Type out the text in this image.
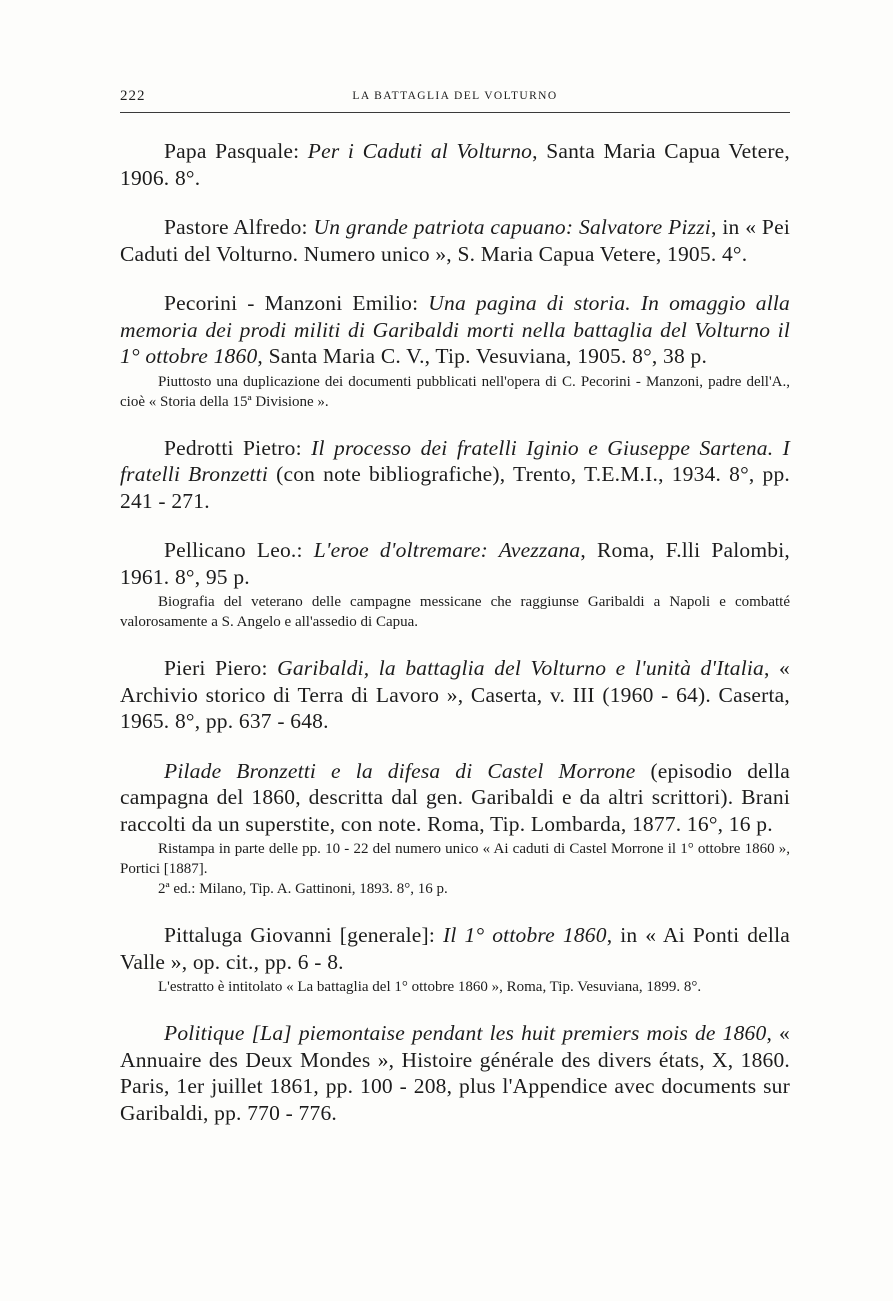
222	LA BATTAGLIA DEL VOLTURNO

Papa Pasquale: Per i Caduti al Volturno, Santa Maria Capua Vetere, 1906. 8°.

Pastore Alfredo: Un grande patriota capuano: Salvatore Pizzi, in « Pei Caduti del Volturno. Numero unico », S. Maria Capua Vetere, 1905. 4°.

Pecorini - Manzoni Emilio: Una pagina di storia. In omaggio alla memoria dei prodi militi di Garibaldi morti nella battaglia del Volturno il 1° ottobre 1860, Santa Maria C. V., Tip. Vesuviana, 1905. 8°, 38 p.

Piuttosto una duplicazione dei documenti pubblicati nell'opera di C. Pecorini - Manzoni, padre dell'A., cioè « Storia della 15ª Divisione ».

Pedrotti Pietro: Il processo dei fratelli Iginio e Giuseppe Sartena. I fratelli Bronzetti (con note bibliografiche), Trento, T.E.M.I., 1934. 8°, pp. 241 - 271.

Pellicano Leo.: L'eroe d'oltremare: Avezzana, Roma, F.lli Palombi, 1961. 8°, 95 p.

Biografia del veterano delle campagne messicane che raggiunse Garibaldi a Napoli e combatté valorosamente a S. Angelo e all'assedio di Capua.

Pieri Piero: Garibaldi, la battaglia del Volturno e l'unità d'Italia, « Archivio storico di Terra di Lavoro », Caserta, v. III (1960 - 64). Caserta, 1965. 8°, pp. 637 - 648.

Pilade Bronzetti e la difesa di Castel Morrone (episodio della campagna del 1860, descritta dal gen. Garibaldi e da altri scrittori). Brani raccolti da un superstite, con note. Roma, Tip. Lombarda, 1877. 16°, 16 p.

Ristampa in parte delle pp. 10 - 22 del numero unico « Ai caduti di Castel Morrone il 1° ottobre 1860 », Portici [1887].

2ª ed.: Milano, Tip. A. Gattinoni, 1893. 8°, 16 p.

Pittaluga Giovanni [generale]: Il 1° ottobre 1860, in « Ai Ponti della Valle », op. cit., pp. 6 - 8.

L'estratto è intitolato « La battaglia del 1° ottobre 1860 », Roma, Tip. Vesuviana, 1899. 8°.

Politique [La] piemontaise pendant les huit premiers mois de 1860, « Annuaire des Deux Mondes », Histoire générale des divers états, X, 1860. Paris, 1er juillet 1861, pp. 100 - 208, plus l'Appendice avec documents sur Garibaldi, pp. 770 - 776.
